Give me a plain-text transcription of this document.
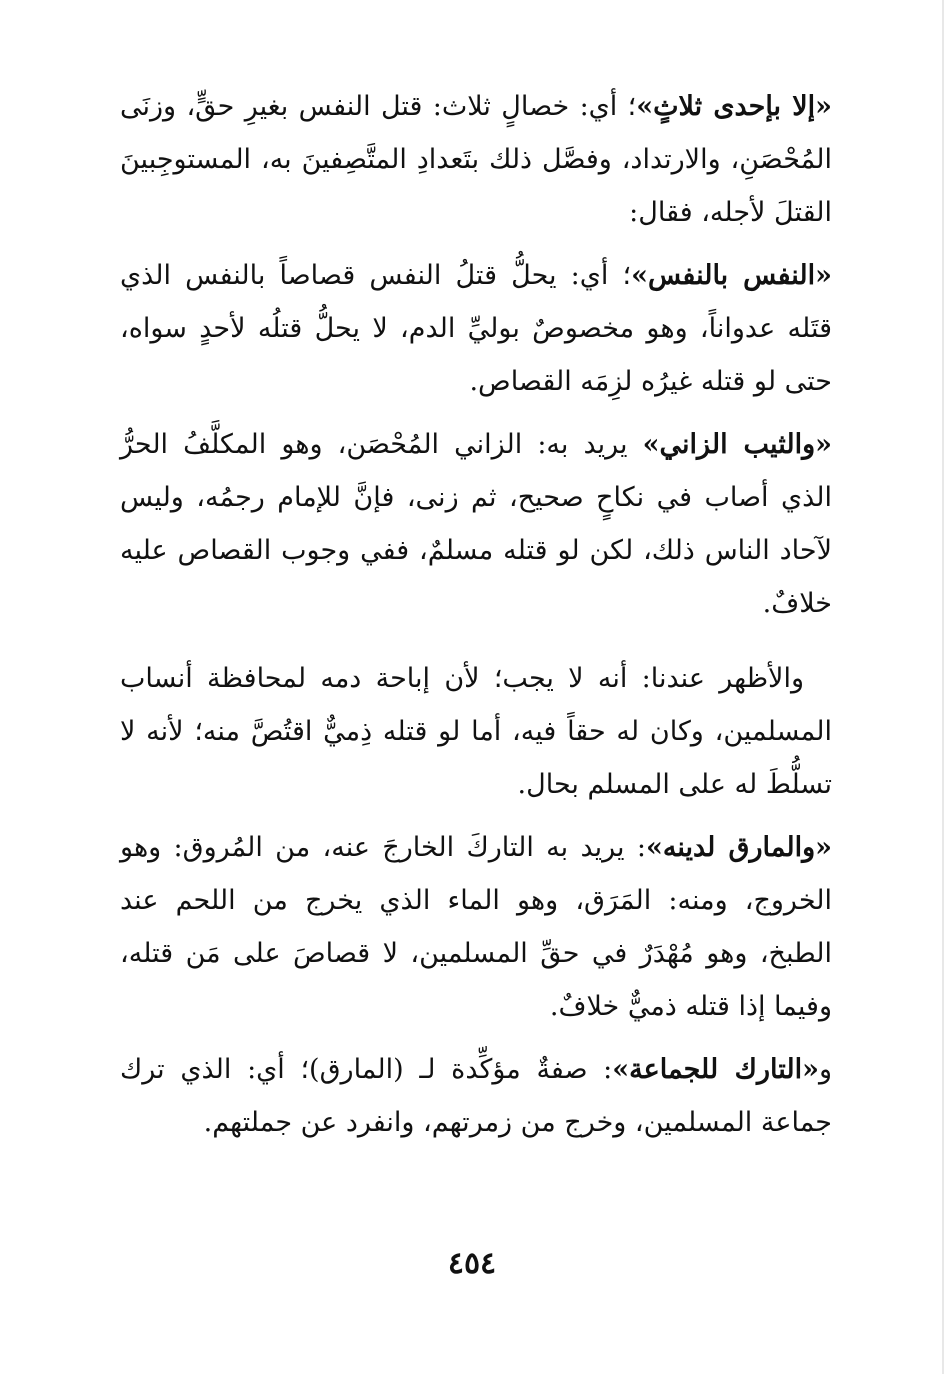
«إلا بإحدى ثلاثٍ»؛ أي: خصالٍ ثلاث: قتل النفس بغيرِ حقٍّ، وزنَى المُحْصَنِ، والارتداد، وفصَّل ذلك بتَعدادِ المتَّصِفينَ به، المستوجِبينَ القتلَ لأجله، فقال:

«النفس بالنفس»؛ أي: يحلُّ قتلُ النفس قصاصاً بالنفس الذي قتَله عدواناً، وهو مخصوصٌ بوليِّ الدم، لا يحلُّ قتلُه لأحدٍ سواه، حتى لو قتله غيرُه لزِمَه القصاص.

«والثيب الزاني» يريد به: الزاني المُحْصَن، وهو المكلَّفُ الحرُّ الذي أصاب في نكاحٍ صحيح، ثم زنى، فإنَّ للإمام رجمُه، وليس لآحاد الناس ذلك، لكن لو قتله مسلمٌ، ففي وجوب القصاص عليه خلافٌ.

والأظهر عندنا: أنه لا يجب؛ لأن إباحة دمه لمحافظة أنساب المسلمين، وكان له حقاً فيه، أما لو قتله ذِميٌّ اقتُصَّ منه؛ لأنه لا تسلُّطَ له على المسلم بحال.

«والمارق لدينه»: يريد به التاركَ الخارجَ عنه، من المُروق: وهو الخروج، ومنه: المَرَق، وهو الماء الذي يخرج من اللحم عند الطبخ، وهو مُهْدَرٌ في حقِّ المسلمين، لا قصاصَ على مَن قتله، وفيما إذا قتله ذميٌّ خلافٌ.

و«التارك للجماعة»: صفةٌ مؤكِّدة لـ (المارق)؛ أي: الذي ترك جماعة المسلمين، وخرج من زمرتهم، وانفرد عن جملتهم.

٤٥٤
